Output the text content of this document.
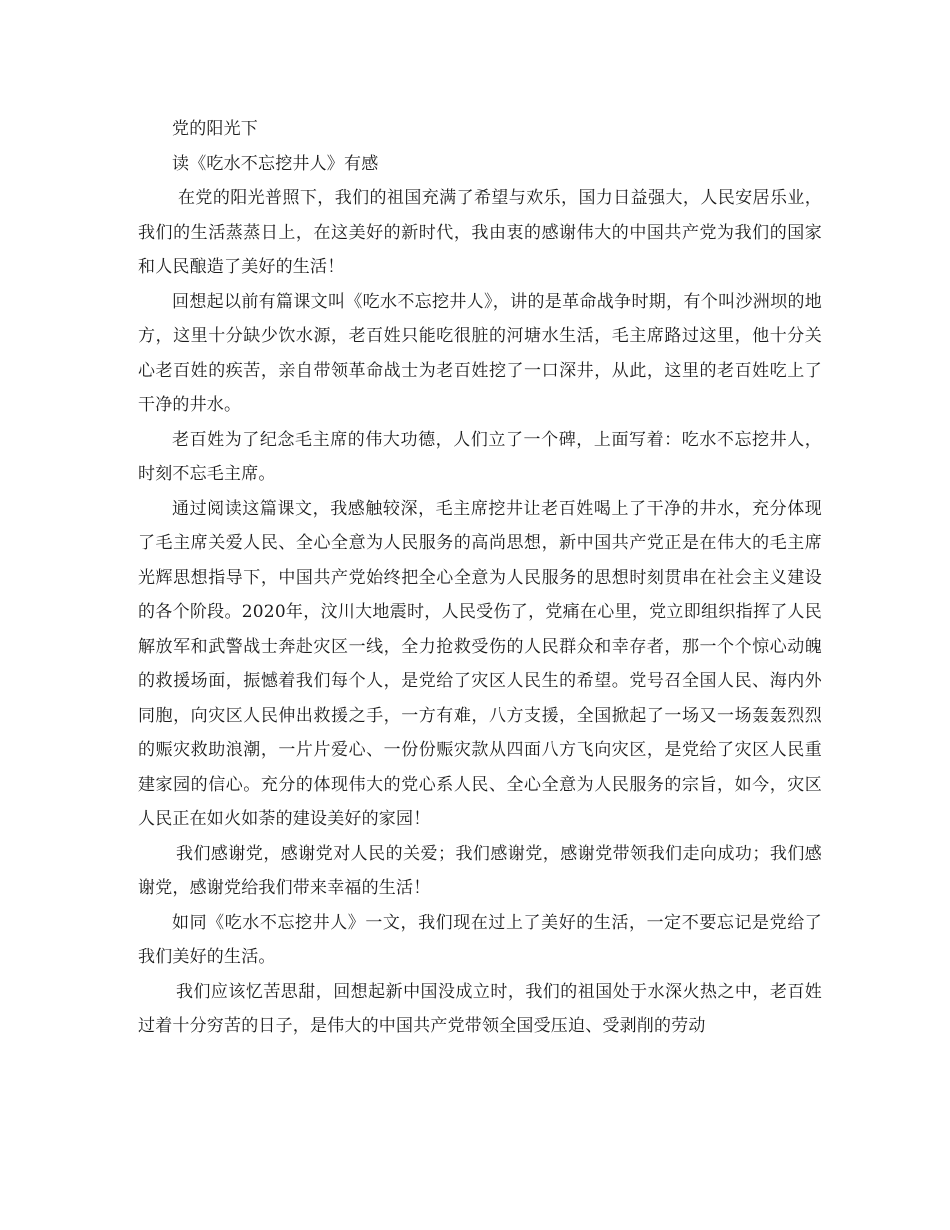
党的阳光下

读《吃水不忘挖井人》有感

在党的阳光普照下，我们的祖国充满了希望与欢乐，国力日益强大，人民安居乐业，我们的生活蒸蒸日上，在这美好的新时代，我由衷的感谢伟大的中国共产党为我们的国家和人民酿造了美好的生活！

回想起以前有篇课文叫《吃水不忘挖井人》，讲的是革命战争时期，有个叫沙洲坝的地方，这里十分缺少饮水源，老百姓只能吃很脏的河塘水生活，毛主席路过这里，他十分关心老百姓的疾苦，亲自带领革命战士为老百姓挖了一口深井，从此，这里的老百姓吃上了干净的井水。

老百姓为了纪念毛主席的伟大功德，人们立了一个碑，上面写着：吃水不忘挖井人，时刻不忘毛主席。

通过阅读这篇课文，我感触较深，毛主席挖井让老百姓喝上了干净的井水，充分体现了毛主席关爱人民、全心全意为人民服务的高尚思想，新中国共产党正是在伟大的毛主席光辉思想指导下，中国共产党始终把全心全意为人民服务的思想时刻贯串在社会主义建设的各个阶段。2020年，汶川大地震时，人民受伤了，党痛在心里，党立即组织指挥了人民解放军和武警战士奔赴灾区一线，全力抢救受伤的人民群众和幸存者，那一个个惊心动魄的救援场面，振憾着我们每个人，是党给了灾区人民生的希望。党号召全国人民、海内外同胞，向灾区人民伸出救援之手，一方有难，八方支援，全国掀起了一场又一场轰轰烈烈的赈灾救助浪潮，一片片爱心、一份份赈灾款从四面八方飞向灾区，是党给了灾区人民重建家园的信心。充分的体现伟大的党心系人民、全心全意为人民服务的宗旨，如今，灾区人民正在如火如荼的建设美好的家园！

我们感谢党，感谢党对人民的关爱；我们感谢党，感谢党带领我们走向成功；我们感谢党，感谢党给我们带来幸福的生活！

如同《吃水不忘挖井人》一文，我们现在过上了美好的生活，一定不要忘记是党给了我们美好的生活。

我们应该忆苦思甜，回想起新中国没成立时，我们的祖国处于水深火热之中，老百姓过着十分穷苦的日子，是伟大的中国共产党带领全国受压迫、受剥削的劳动
